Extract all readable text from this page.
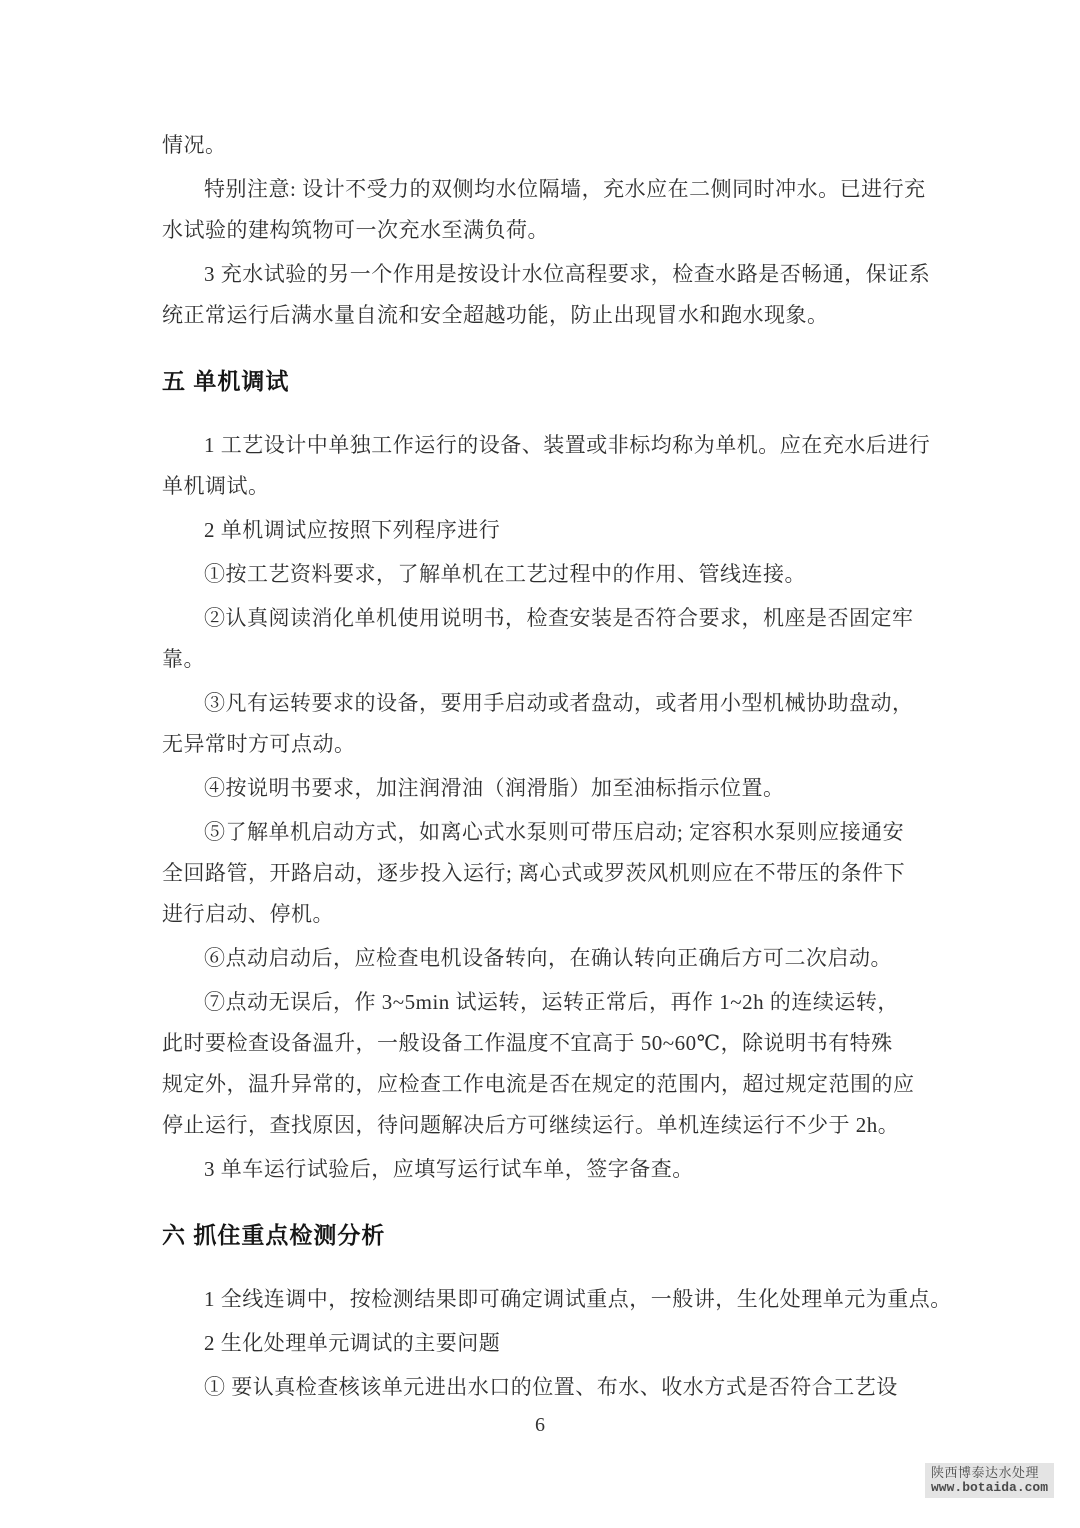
情况。
特别注意: 设计不受力的双侧均水位隔墙，充水应在二侧同时冲水。已进行充
水试验的建构筑物可一次充水至满负荷。
3 充水试验的另一个作用是按设计水位高程要求，检查水路是否畅通，保证系
统正常运行后满水量自流和安全超越功能，防止出现冒水和跑水现象。
五 单机调试
1 工艺设计中单独工作运行的设备、装置或非标均称为单机。应在充水后进行
单机调试。
2 单机调试应按照下列程序进行
①按工艺资料要求，了解单机在工艺过程中的作用、管线连接。
②认真阅读消化单机使用说明书，检查安装是否符合要求，机座是否固定牢
靠。
③凡有运转要求的设备，要用手启动或者盘动，或者用小型机械协助盘动，
无异常时方可点动。
④按说明书要求，加注润滑油（润滑脂）加至油标指示位置。
⑤了解单机启动方式，如离心式水泵则可带压启动; 定容积水泵则应接通安
全回路管，开路启动，逐步投入运行; 离心式或罗茨风机则应在不带压的条件下
进行启动、停机。
⑥点动启动后，应检查电机设备转向，在确认转向正确后方可二次启动。
⑦点动无误后，作 3~5min 试运转，运转正常后，再作 1~2h 的连续运转，
此时要检查设备温升，一般设备工作温度不宜高于 50~60℃，除说明书有特殊
规定外，温升异常的，应检查工作电流是否在规定的范围内，超过规定范围的应
停止运行，查找原因，待问题解决后方可继续运行。单机连续运行不少于 2h。
3 单车运行试验后，应填写运行试车单，签字备查。
六 抓住重点检测分析
1 全线连调中，按检测结果即可确定调试重点，一般讲，生化处理单元为重点。
2 生化处理单元调试的主要问题
① 要认真检查核该单元进出水口的位置、布水、收水方式是否符合工艺设
6
陕西博泰达水处理
www.botaida.com
